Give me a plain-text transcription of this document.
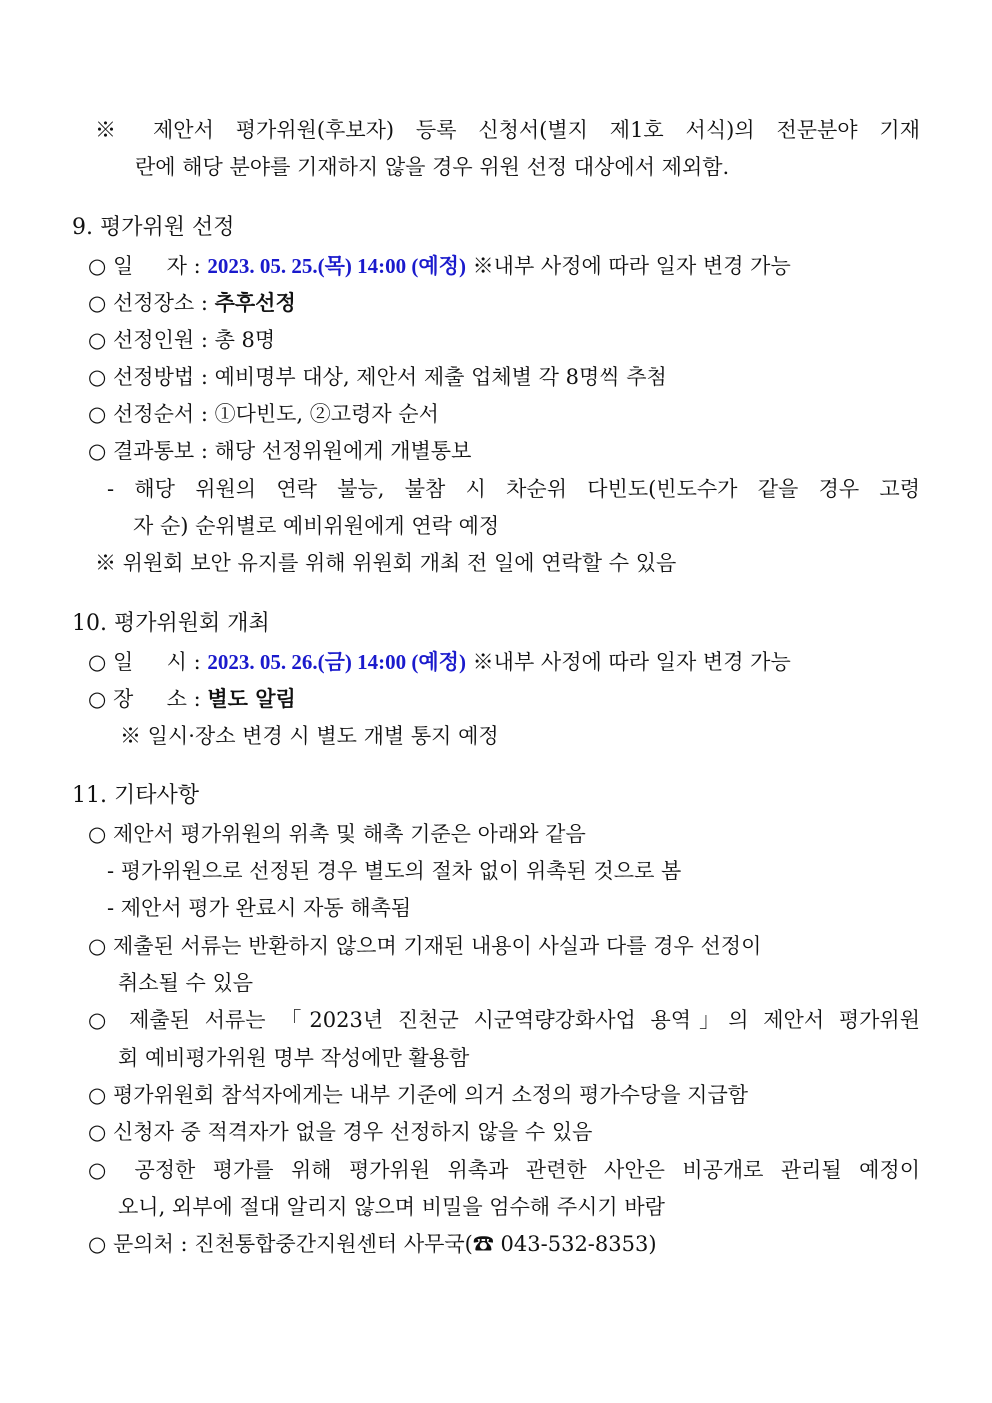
※ 제안서 평가위원(후보자) 등록 신청서(별지 제1호 서식)의 전문분야 기재
란에 해당 분야를 기재하지 않을 경우 위원 선정 대상에서 제외함.
9. 평가위원 선정
○ 일     자 : 2023. 05. 25.(목) 14:00 (예정) ※내부 사정에 따라 일자 변경 가능
○ 선정장소 : 추후선정
○ 선정인원 : 총 8명
○ 선정방법 : 예비명부 대상, 제안서 제출 업체별 각 8명씩 추첨
○ 선정순서 : ①다빈도, ②고령자 순서
○ 결과통보 : 해당 선정위원에게 개별통보
- 해당 위원의 연락 불능, 불참 시 차순위 다빈도(빈도수가 같을 경우 고령
자 순) 순위별로 예비위원에게 연락 예정
※ 위원회 보안 유지를 위해 위원회 개최 전 일에 연락할 수 있음
10. 평가위원회 개최
○ 일     시 : 2023. 05. 26.(금) 14:00 (예정) ※내부 사정에 따라 일자 변경 가능
○ 장     소 : 별도 알림
※ 일시·장소 변경 시 별도 개별 통지 예정
11. 기타사항
○ 제안서 평가위원의 위촉 및 해촉 기준은 아래와 같음
- 평가위원으로 선정된 경우 별도의 절차 없이 위촉된 것으로 봄
- 제안서 평가 완료시 자동 해촉됨
○ 제출된 서류는 반환하지 않으며 기재된 내용이 사실과 다를 경우 선정이
취소될 수 있음
○ 제출된 서류는 「2023년 진천군 시군역량강화사업 용역」의 제안서 평가위원
회 예비평가위원 명부 작성에만 활용함
○ 평가위원회 참석자에게는 내부 기준에 의거 소정의 평가수당을 지급함
○ 신청자 중 적격자가 없을 경우 선정하지 않을 수 있음
○ 공정한 평가를 위해 평가위원 위촉과 관련한 사안은 비공개로 관리될 예정이
오니, 외부에 절대 알리지 않으며 비밀을 엄수해 주시기 바람
○ 문의처 : 진천통합중간지원센터 사무국(☎ 043-532-8353)
